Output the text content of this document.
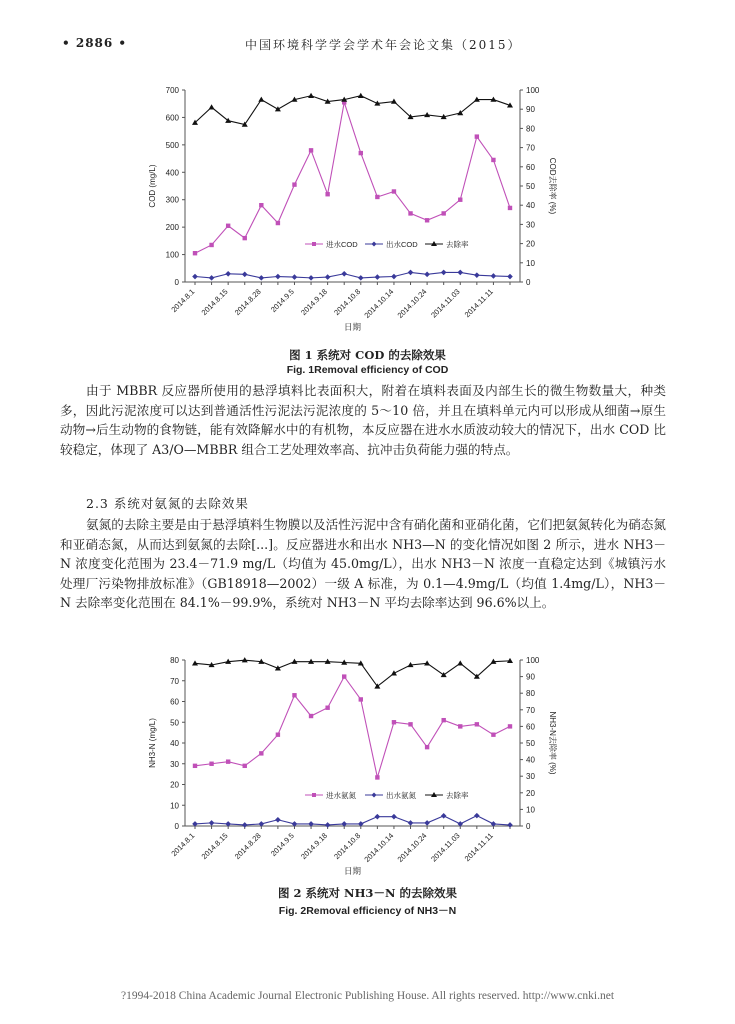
• 2886 •	中国环境科学学会学术年会论文集（2015）
0
100
200
300
400
500
600
700
0
10
20
30
40
50
60
70
80
90
100
2014.8.1 2014.8.15 2014.8.28 2014.9.5 2014.9.18 2014.10.8 2014.10.14 2014.10.24 2014.11.03 2014.11.11
日期
COD (mg/L)	COD去除率 (%)
进水COD	出水COD	去除率
图 1 系统对 COD 的去除效果
Fig. 1Removal efficiency of COD

由于 MBBR 反应器所使用的悬浮填料比表面积大，附着在填料表面及内部生长的微生物数量大，种类多，因此污泥浓度可以达到普通活性污泥法污泥浓度的 5～10 倍，并且在填料单元内可以形成从细菌→原生动物→后生动物的食物链，能有效降解水中的有机物，本反应器在进水水质波动较大的情况下，出水 COD 比较稳定，体现了 A3/O—MBBR 组合工艺处理效率高、抗冲击负荷能力强的特点。

2.3 系统对氨氮的去除效果

氨氮的去除主要是由于悬浮填料生物膜以及活性污泥中含有硝化菌和亚硝化菌，它们把氨氮转化为硝态氮和亚硝态氮，从而达到氨氮的去除[...]。反应器进水和出水 NH3—N 的变化情况如图 2 所示，进水 NH3－N 浓度变化范围为 23.4－71.9 mg/L（均值为 45.0mg/L），出水 NH3－N 浓度一直稳定达到《城镇污水处理厂污染物排放标准》（GB18918—2002）一级 A 标准，为 0.1—4.9mg/L（均值 1.4mg/L），NH3－N 去除率变化范围在 84.1%－99.9%，系统对 NH3－N 平均去除率达到 96.6%以上。

0
10
20
30
40
50
60
70
80
0
10
20
30
40
50
60
70
80
90
100
2014.8.1 2014.8.15 2014.8.28 2014.9.5 2014.9.18 2014.10.8 2014.10.14 2014.10.24 2014.11.03 2014.11.11
日期
NH3-N (mg/L)	NH3-N去除率 (%)
进水氨氮	出水氨氮	去除率
图 2 系统对 NH3－N 的去除效果
Fig. 2Removal efficiency of NH3－N
?1994-2018 China Academic Journal Electronic Publishing House. All rights reserved. http://www.cnki.net
